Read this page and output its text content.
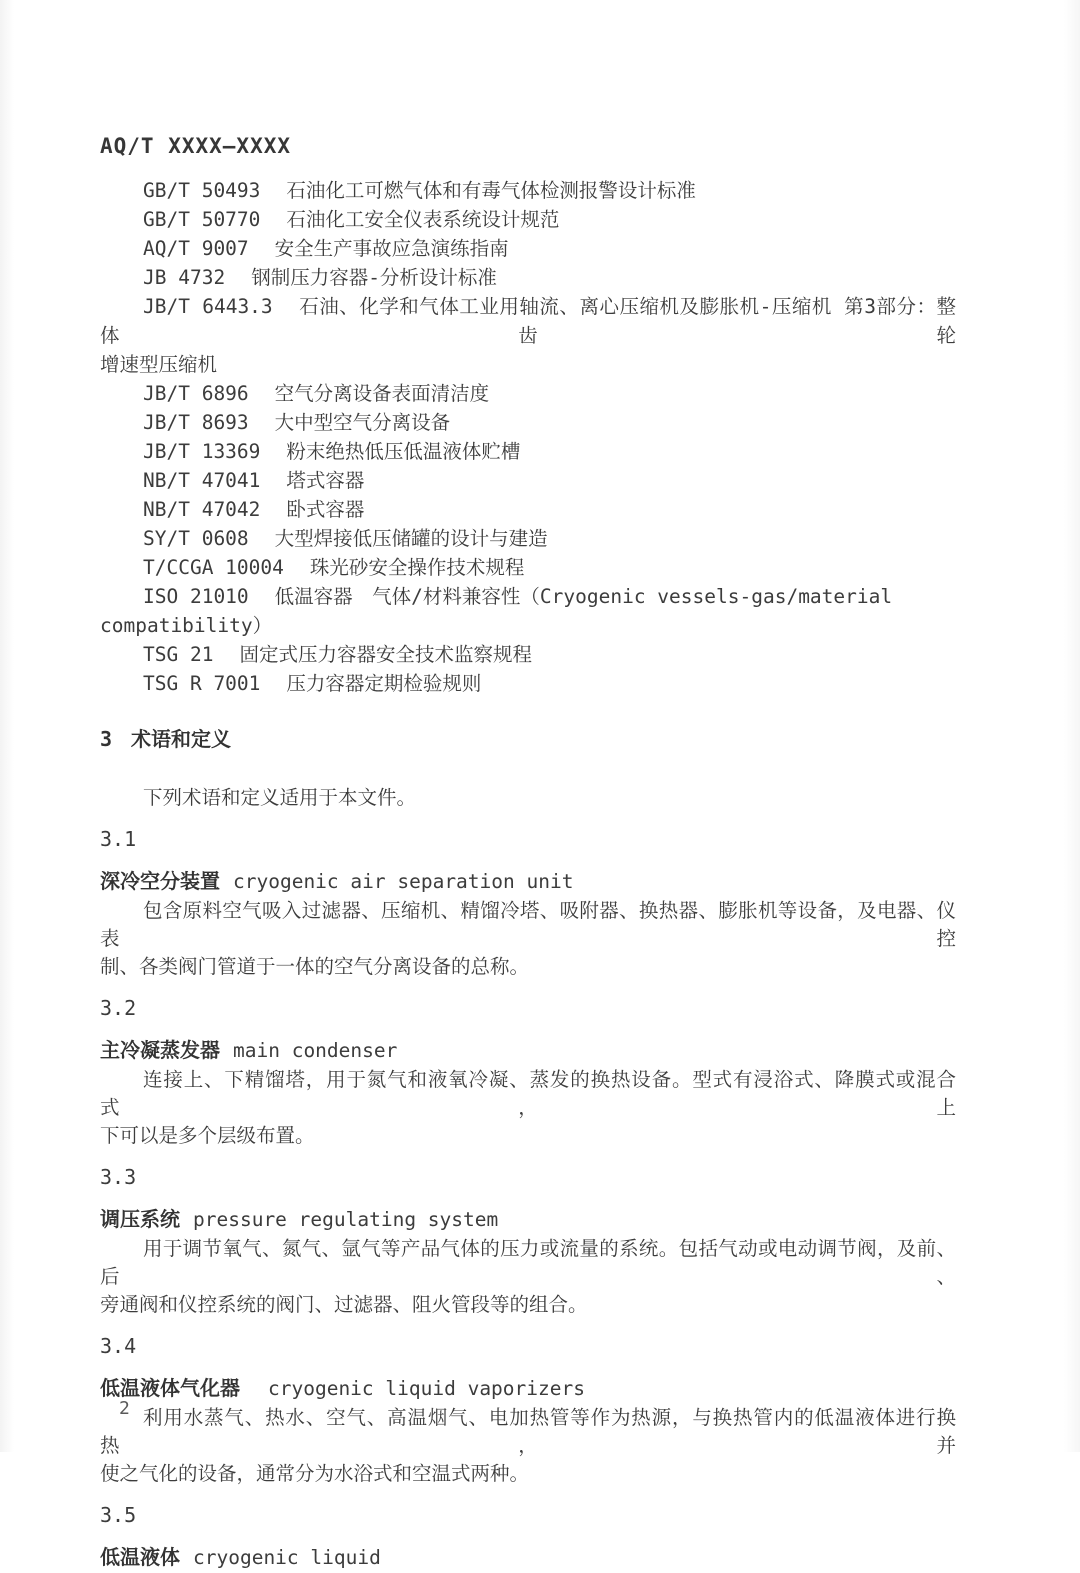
AQ/T XXXX—XXXX
GB/T 50493 石油化工可燃气体和有毒气体检测报警设计标准
GB/T 50770 石油化工安全仪表系统设计规范
AQ/T 9007 安全生产事故应急演练指南
JB 4732 钢制压力容器-分析设计标准
JB/T 6443.3 石油、化学和气体工业用轴流、离心压缩机及膨胀机-压缩机 第3部分：整体齿轮
增速型压缩机
JB/T 6896 空气分离设备表面清洁度
JB/T 8693 大中型空气分离设备
JB/T 13369 粉末绝热低压低温液体贮槽
NB/T 47041 塔式容器
NB/T 47042 卧式容器
SY/T 0608 大型焊接低压储罐的设计与建造
T/CCGA 10004 珠光砂安全操作技术规程
ISO 21010 低温容器　气体/材料兼容性（Cryogenic vessels-gas/material compatibility）
TSG 21 固定式压力容器安全技术监察规程
TSG R 7001 压力容器定期检验规则
3 术语和定义
下列术语和定义适用于本文件。
3.1
深冷空分装置 cryogenic air separation unit
包含原料空气吸入过滤器、压缩机、精馏冷塔、吸附器、换热器、膨胀机等设备，及电器、仪表控
制、各类阀门管道于一体的空气分离设备的总称。
3.2
主冷凝蒸发器 main condenser
连接上、下精馏塔，用于氮气和液氧冷凝、蒸发的换热设备。型式有浸浴式、降膜式或混合式，上
下可以是多个层级布置。
3.3
调压系统 pressure regulating system
用于调节氧气、氮气、氩气等产品气体的压力或流量的系统。包括气动或电动调节阀，及前、后、
旁通阀和仪控系统的阀门、过滤器、阻火管段等的组合。
3.4
低温液体气化器 cryogenic liquid vaporizers
利用水蒸气、热水、空气、高温烟气、电加热管等作为热源，与换热管内的低温液体进行换热，并
使之气化的设备，通常分为水浴式和空温式两种。
3.5
低温液体 cryogenic liquid
2
